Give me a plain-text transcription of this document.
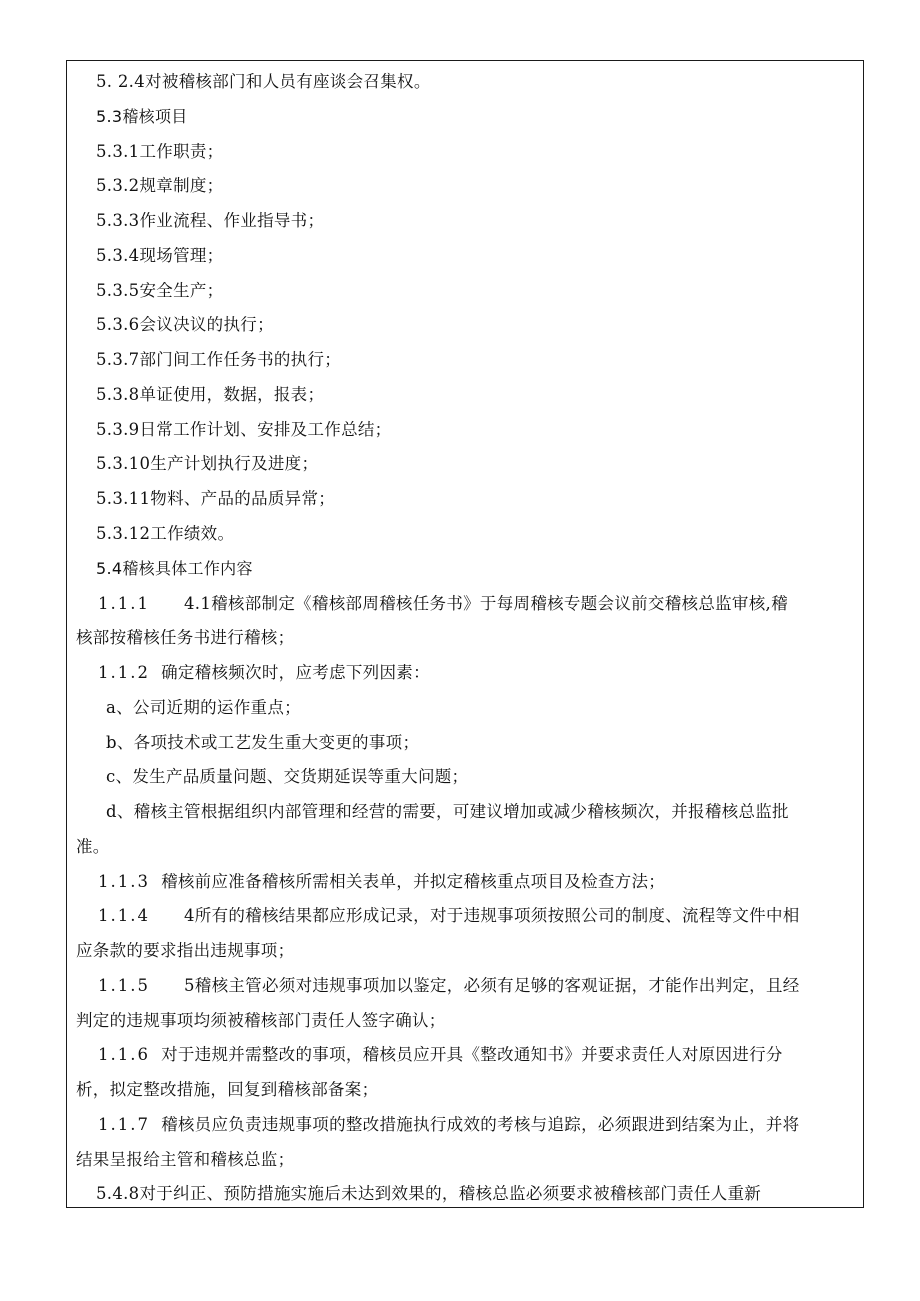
5. 2.4对被稽核部门和人员有座谈会召集权。
5.3稽核项目
5.3.1工作职责；
5.3.2规章制度；
5.3.3作业流程、作业指导书；
5.3.4现场管理；
5.3.5安全生产；
5.3.6会议决议的执行；
5.3.7部门间工作任务书的执行；
5.3.8单证使用，数据，报表；
5.3.9日常工作计划、安排及工作总结；
5.3.10生产计划执行及进度；
5.3.11物料、产品的品质异常；
5.3.12工作绩效。
5.4稽核具体工作内容
1.1.1 4.1稽核部制定《稽核部周稽核任务书》于每周稽核专题会议前交稽核总监审核,稽
核部按稽核任务书进行稽核；
1.1.2 确定稽核频次时，应考虑下列因素：
a、公司近期的运作重点；
b、各项技术或工艺发生重大变更的事项；
c、发生产品质量问题、交货期延误等重大问题；
d、稽核主管根据组织内部管理和经营的需要，可建议增加或减少稽核频次，并报稽核总监批
准。
1.1.3 稽核前应准备稽核所需相关表单，并拟定稽核重点项目及检查方法；
1.1.4 4所有的稽核结果都应形成记录，对于违规事项须按照公司的制度、流程等文件中相
应条款的要求指出违规事项；
1.1.5 5稽核主管必须对违规事项加以鉴定，必须有足够的客观证据，才能作出判定，且经
判定的违规事项均须被稽核部门责任人签字确认；
1.1.6 对于违规并需整改的事项，稽核员应开具《整改通知书》并要求责任人对原因进行分
析，拟定整改措施，回复到稽核部备案；
1.1.7 稽核员应负责违规事项的整改措施执行成效的考核与追踪，必须跟进到结案为止，并将
结果呈报给主管和稽核总监；
5.4.8对于纠正、预防措施实施后未达到效果的，稽核总监必须要求被稽核部门责任人重新
